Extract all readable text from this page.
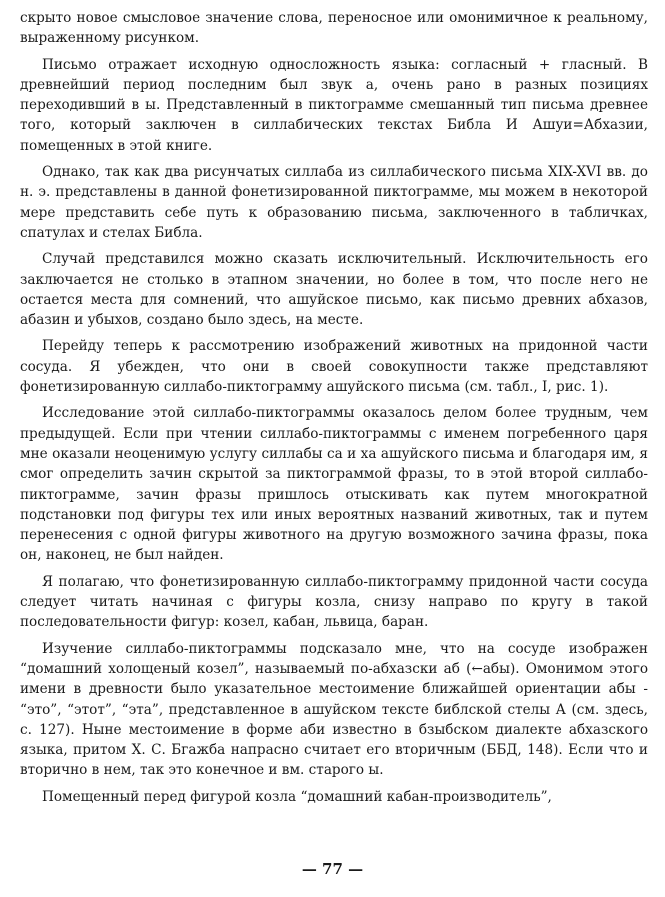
скрыто новое смысловое значение слова, переносное или омонимичное к реальному, выраженному рисунком.

Письмо отражает исходную односложность языка: согласный + гласный. В древнейший период последним был звук а, очень рано в разных позициях переходивший в ы. Представленный в пиктограмме смешанный тип письма древнее того, который заключен в силлабических текстах Библа И Ашуи=Абхазии, помещенных в этой книге.

Однако, так как два рисунчатых силлаба из силлабического письма XIX-XVI вв. до н. э. представлены в данной фонетизированной пиктограмме, мы можем в некоторой мере представить себе путь к образованию письма, заключенного в табличках, спатулах и стелах Библа.

Случай представился можно сказать исключительный. Исключительность его заключается не столько в этапном значении, но более в том, что после него не остается места для сомнений, что ашуйское письмо, как письмо древних абхазов, абазин и убыхов, создано было здесь, на месте.

Перейду теперь к рассмотрению изображений животных на придонной части сосуда. Я убежден, что они в своей совокупности также представляют фонетизированную силлабо-пиктограмму ашуйского письма (см. табл., I, рис. 1).

Исследование этой силлабо-пиктограммы оказалось делом более трудным, чем предыдущей. Если при чтении силлабо-пиктограммы с именем погребенного царя мне оказали неоценимую услугу силлабы са и ха ашуйского письма и благодаря им, я смог определить зачин скрытой за пиктограммой фразы, то в этой второй силлабо-пиктограмме, зачин фразы пришлось отыскивать как путем многократной подстановки под фигуры тех или иных вероятных названий животных, так и путем перенесения с одной фигуры животного на другую возможного зачина фразы, пока он, наконец, не был найден.

Я полагаю, что фонетизированную силлабо-пиктограмму придонной части сосуда следует читать начиная с фигуры козла, снизу направо по кругу в такой последовательности фигур: козел, кабан, львица, баран.

Изучение силлабо-пиктограммы подсказало мне, что на сосуде изображен “домашний холощеный козел”, называемый по-абхазски аб (←абы). Омонимом этого имени в древности было указательное местоимение ближайшей ориентации абы - “это”, “этот”, “эта”, представленное в ашуйском тексте библской стелы А (см. здесь, с. 127). Ныне местоимение в форме аби известно в бзыбском диалекте абхазского языка, притом Х. С. Бгажба напрасно считает его вторичным (ББД, 148). Если что и вторично в нем, так это конечное и вм. старого ы.

Помещенный перед фигурой козла “домашний кабан-производитель”,

— 77 —
